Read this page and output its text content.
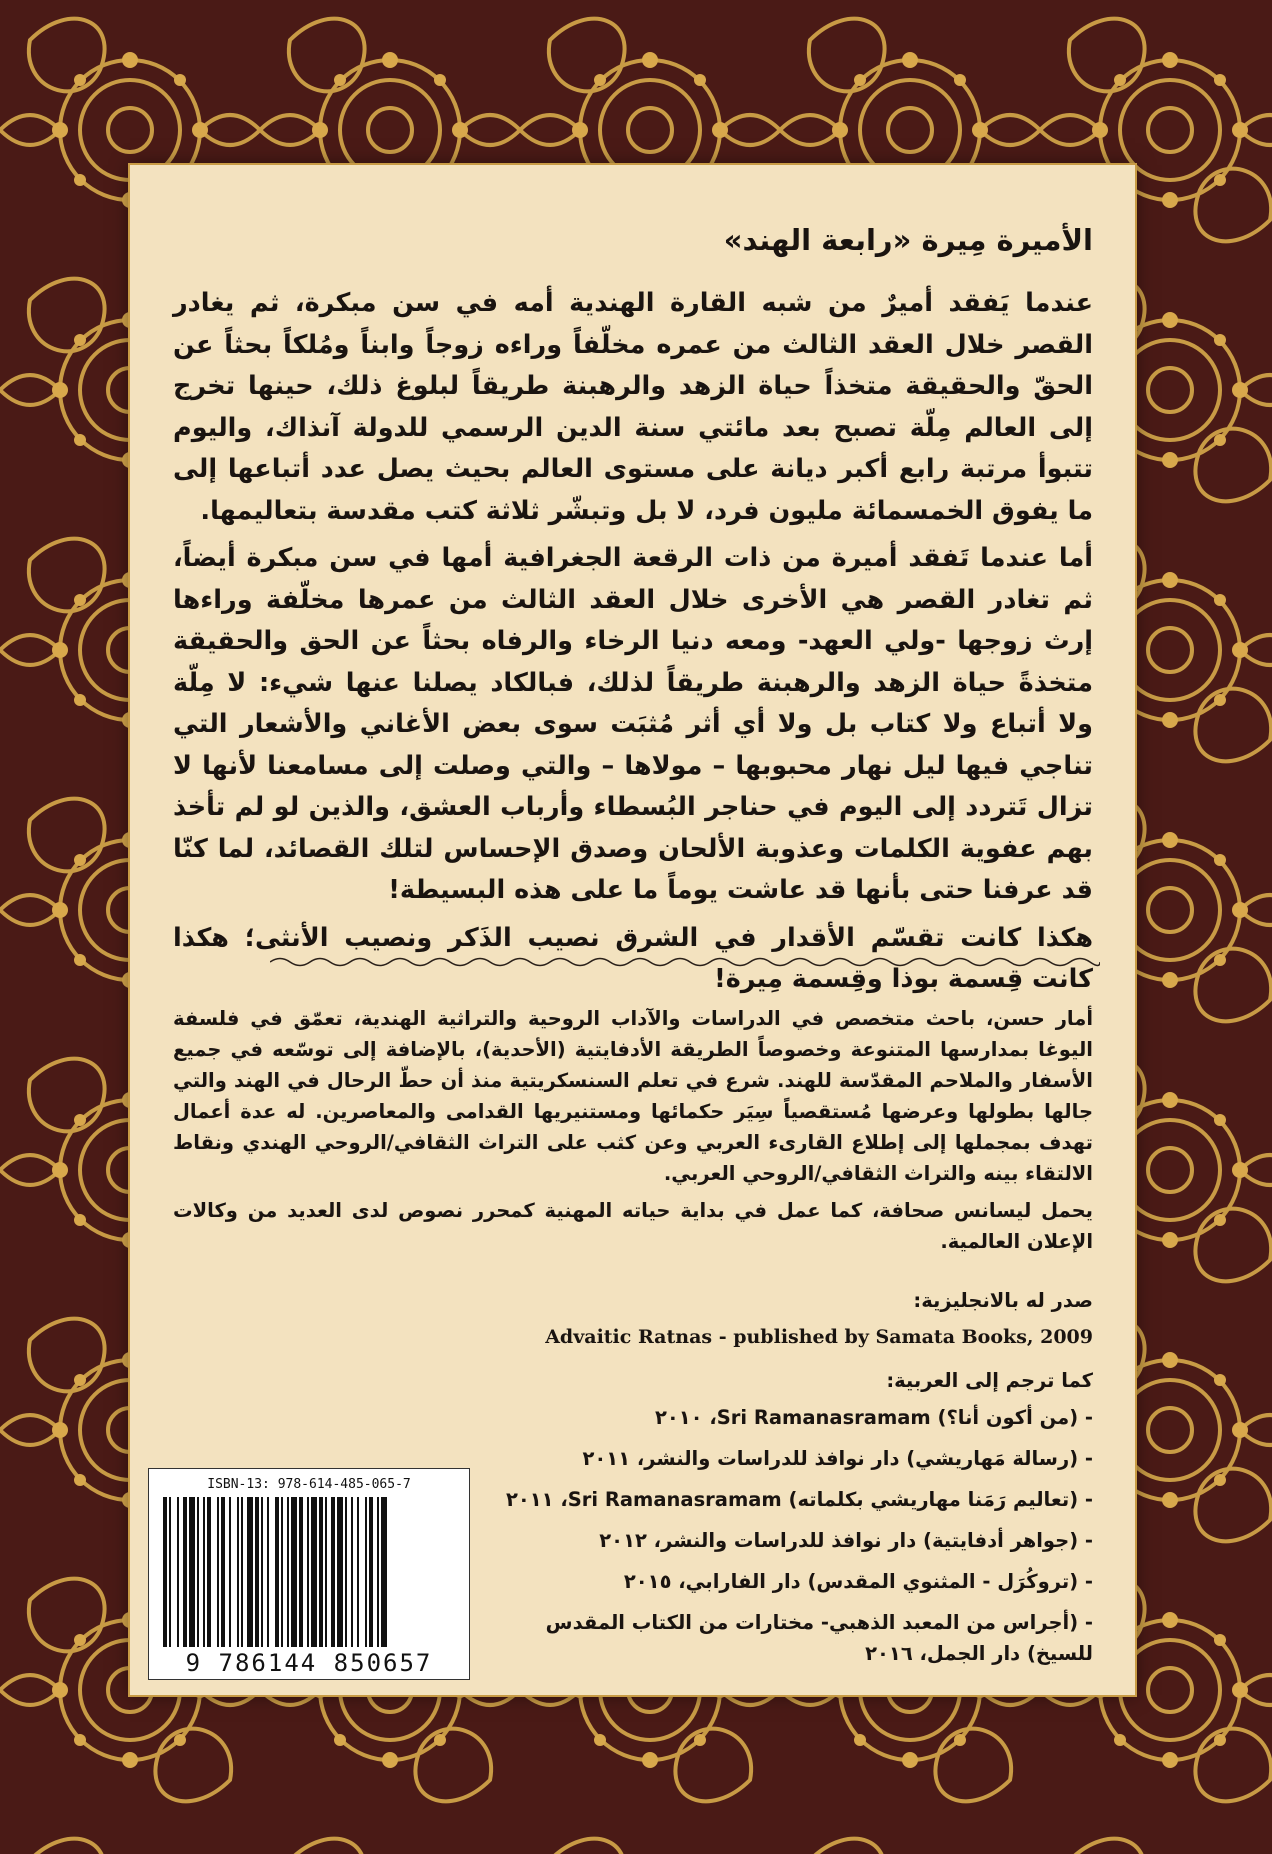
الأميرة مِيرة «رابعة الهند»

عندما يَفقد أميرٌ من شبه القارة الهندية أمه في سن مبكرة، ثم يغادر القصر خلال العقد الثالث من عمره مخلّفاً وراءه زوجاً وابناً ومُلكاً بحثاً عن الحقّ والحقيقة متخذاً حياة الزهد والرهبنة طريقاً لبلوغ ذلك، حينها تخرج إلى العالم مِلّة تصبح بعد مائتي سنة الدين الرسمي للدولة آنذاك، واليوم تتبوأ مرتبة رابع أكبر ديانة على مستوى العالم بحيث يصل عدد أتباعها إلى ما يفوق الخمسمائة مليون فرد، لا بل وتبشّر ثلاثة كتب مقدسة بتعاليمها.

أما عندما تَفقد أميرة من ذات الرقعة الجغرافية أمها في سن مبكرة أيضاً، ثم تغادر القصر هي الأخرى خلال العقد الثالث من عمرها مخلّفة وراءها إرث زوجها -ولي العهد- ومعه دنيا الرخاء والرفاه بحثاً عن الحق والحقيقة متخذةً حياة الزهد والرهبنة طريقاً لذلك، فبالكاد يصلنا عنها شيء: لا مِلّة ولا أتباع ولا كتاب بل ولا أي أثر مُثبَت سوى بعض الأغاني والأشعار التي تناجي فيها ليل نهار محبوبها – مولاها – والتي وصلت إلى مسامعنا لأنها لا تزال تَتردد إلى اليوم في حناجر البُسطاء وأرباب العشق، والذين لو لم تأخذ بهم عفوية الكلمات وعذوبة الألحان وصدق الإحساس لتلك القصائد، لما كنّا قد عرفنا حتى بأنها قد عاشت يوماً ما على هذه البسيطة!

هكذا كانت تقسّم الأقدار في الشرق نصيب الذَكر ونصيب الأنثى؛ هكذا كانت قِسمة بوذا وقِسمة مِيرة!

أمار حسن، باحث متخصص في الدراسات والآداب الروحية والتراثية الهندية، تعمّق في فلسفة اليوغا بمدارسها المتنوعة وخصوصاً الطريقة الأدفايتية (الأحدية)، بالإضافة إلى توسّعه في جميع الأسفار والملاحم المقدّسة للهند. شرع في تعلم السنسكريتية منذ أن حطّ الرحال في الهند والتي جالها بطولها وعرضها مُستقصياً سِيَر حكمائها ومستنيريها القدامى والمعاصرين. له عدة أعمال تهدف بمجملها إلى إطلاع القارىء العربي وعن كثب على التراث الثقافي/الروحي الهندي ونقاط الالتقاء بينه والتراث الثقافي/الروحي العربي.

يحمل ليسانس صحافة، كما عمل في بداية حياته المهنية كمحرر نصوص لدى العديد من وكالات الإعلان العالمية.

صدر له بالانجليزية:
Advaitic Ratnas - published by Samata Books, 2009
كما ترجم إلى العربية:
- (من أكون أنا؟) Sri Ramanasramam، ٢٠١٠
- (رسالة مَهاريشي) دار نوافذ للدراسات والنشر، ٢٠١١
- (تعاليم رَمَنا مهاريشي بكلماته) Sri Ramanasramam، ٢٠١١
- (جواهر أدفايتية) دار نوافذ للدراسات والنشر، ٢٠١٢
- (تروكُرَل - المثنوي المقدس) دار الفارابي، ٢٠١٥
- (أجراس من المعبد الذهبي- مختارات من الكتاب المقدس للسيخ) دار الجمل، ٢٠١٦
ISBN-13: 978-614-485-065-7
9 786144 850657
